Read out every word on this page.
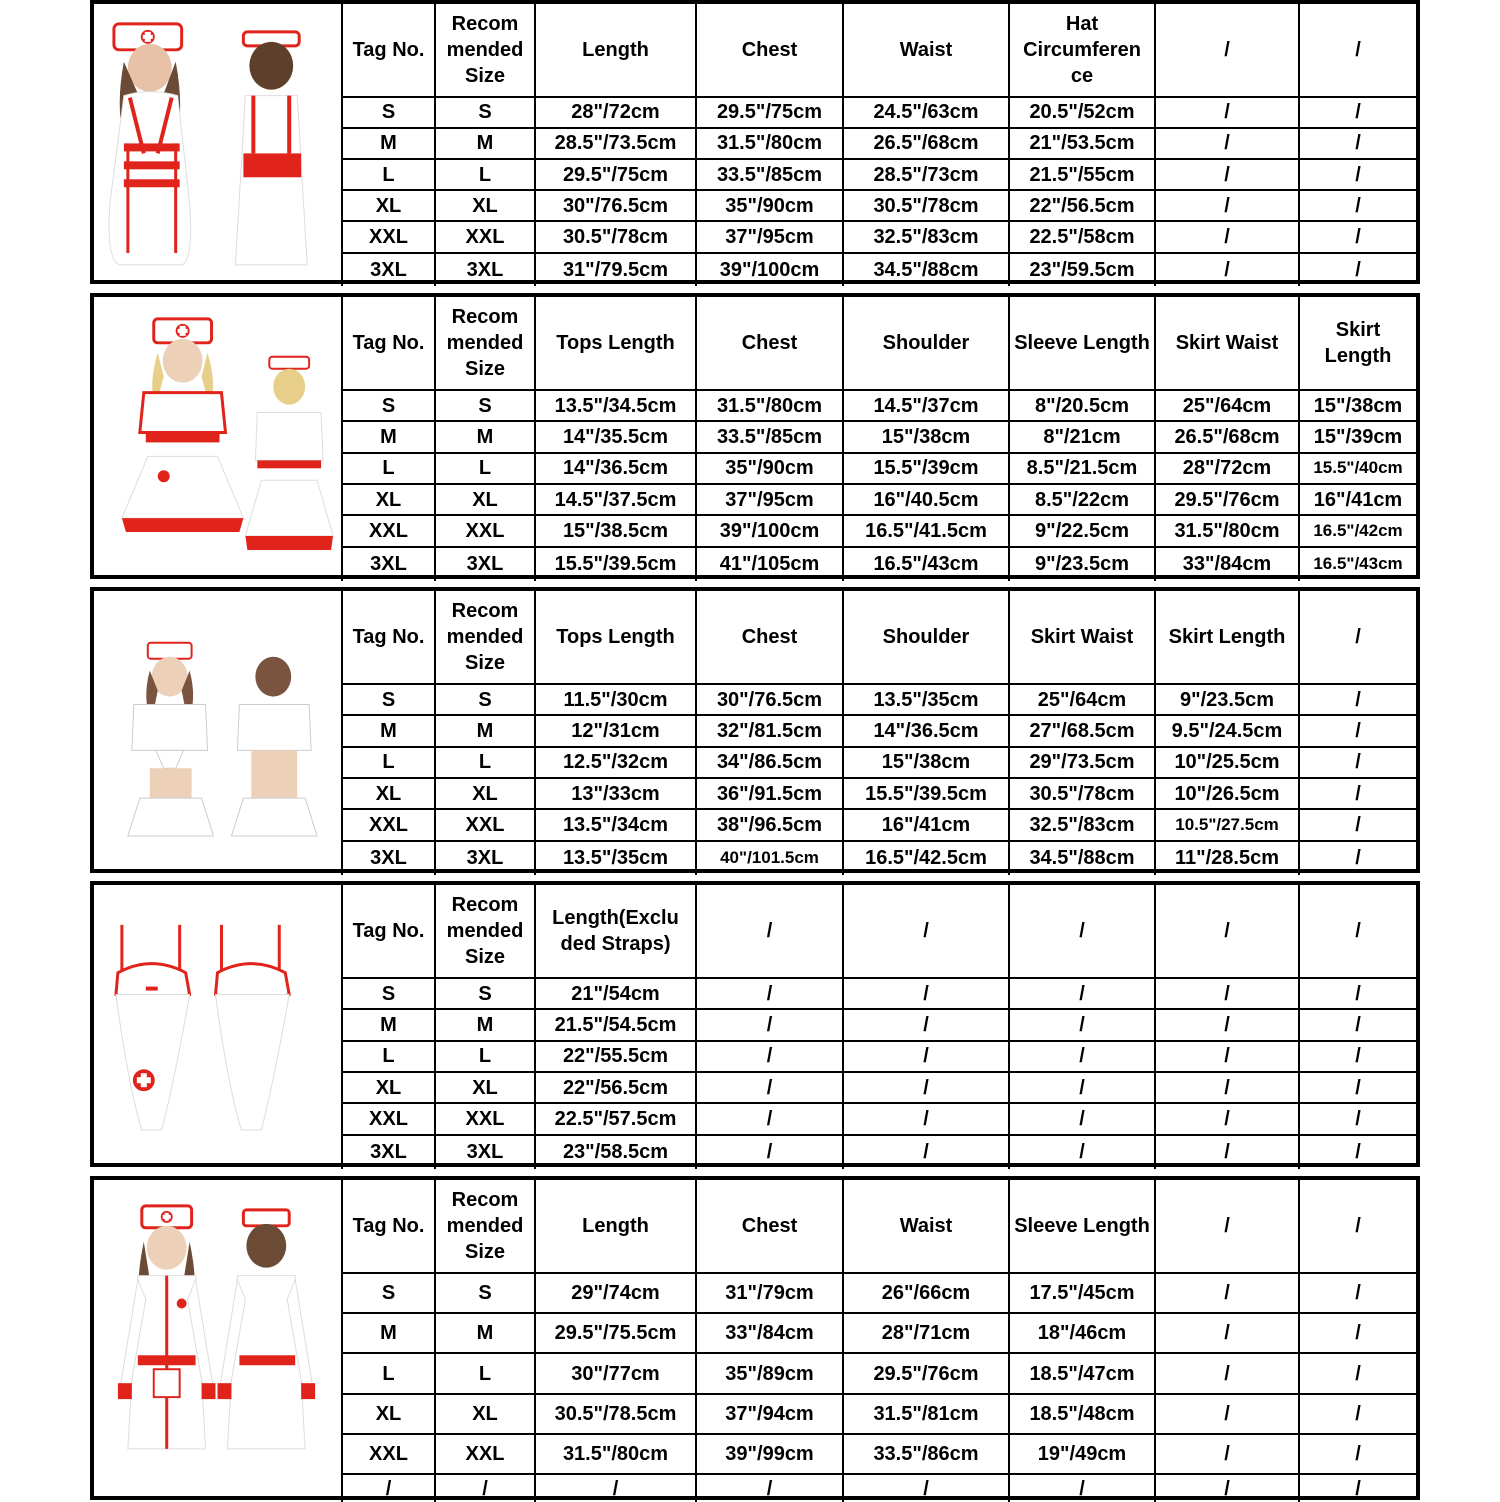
	Tag No.	Recom mended Size	Length	Chest	Waist	Hat Circumferen ce	/	/
	S	S	28"/72cm	29.5"/75cm	24.5"/63cm	20.5"/52cm	/	/
	M	M	28.5"/73.5cm	31.5"/80cm	26.5"/68cm	21"/53.5cm	/	/
	L	L	29.5"/75cm	33.5"/85cm	28.5"/73cm	21.5"/55cm	/	/
	XL	XL	30"/76.5cm	35"/90cm	30.5"/78cm	22"/56.5cm	/	/
	XXL	XXL	30.5"/78cm	37"/95cm	32.5"/83cm	22.5"/58cm	/	/
	3XL	3XL	31"/79.5cm	39"/100cm	34.5"/88cm	23"/59.5cm	/	/
	Tag No.	Recom mended Size	Tops Length	Chest	Shoulder	Sleeve Length	Skirt Waist	Skirt Length
	S	S	13.5"/34.5cm	31.5"/80cm	14.5"/37cm	8"/20.5cm	25"/64cm	15"/38cm
	M	M	14"/35.5cm	33.5"/85cm	15"/38cm	8"/21cm	26.5"/68cm	15"/39cm
	L	L	14"/36.5cm	35"/90cm	15.5"/39cm	8.5"/21.5cm	28"/72cm	15.5"/40cm
	XL	XL	14.5"/37.5cm	37"/95cm	16"/40.5cm	8.5"/22cm	29.5"/76cm	16"/41cm
	XXL	XXL	15"/38.5cm	39"/100cm	16.5"/41.5cm	9"/22.5cm	31.5"/80cm	16.5"/42cm
	3XL	3XL	15.5"/39.5cm	41"/105cm	16.5"/43cm	9"/23.5cm	33"/84cm	16.5"/43cm
	Tag No.	Recom mended Size	Tops Length	Chest	Shoulder	Skirt Waist	Skirt Length	/
	S	S	11.5"/30cm	30"/76.5cm	13.5"/35cm	25"/64cm	9"/23.5cm	/
	M	M	12"/31cm	32"/81.5cm	14"/36.5cm	27"/68.5cm	9.5"/24.5cm	/
	L	L	12.5"/32cm	34"/86.5cm	15"/38cm	29"/73.5cm	10"/25.5cm	/
	XL	XL	13"/33cm	36"/91.5cm	15.5"/39.5cm	30.5"/78cm	10"/26.5cm	/
	XXL	XXL	13.5"/34cm	38"/96.5cm	16"/41cm	32.5"/83cm	10.5"/27.5cm	/
	3XL	3XL	13.5"/35cm	40"/101.5cm	16.5"/42.5cm	34.5"/88cm	11"/28.5cm	/
	Tag No.	Recom mended Size	Length(Exclu ded Straps)	/	/	/	/	/
	S	S	21"/54cm	/	/	/	/	/
	M	M	21.5"/54.5cm	/	/	/	/	/
	L	L	22"/55.5cm	/	/	/	/	/
	XL	XL	22"/56.5cm	/	/	/	/	/
	XXL	XXL	22.5"/57.5cm	/	/	/	/	/
	3XL	3XL	23"/58.5cm	/	/	/	/	/
	Tag No.	Recom mended Size	Length	Chest	Waist	Sleeve Length	/	/
	S	S	29"/74cm	31"/79cm	26"/66cm	17.5"/45cm	/	/
	M	M	29.5"/75.5cm	33"/84cm	28"/71cm	18"/46cm	/	/
	L	L	30"/77cm	35"/89cm	29.5"/76cm	18.5"/47cm	/	/
	XL	XL	30.5"/78.5cm	37"/94cm	31.5"/81cm	18.5"/48cm	/	/
	XXL	XXL	31.5"/80cm	39"/99cm	33.5"/86cm	19"/49cm	/	/
	/	/	/	/	/	/	/	/
